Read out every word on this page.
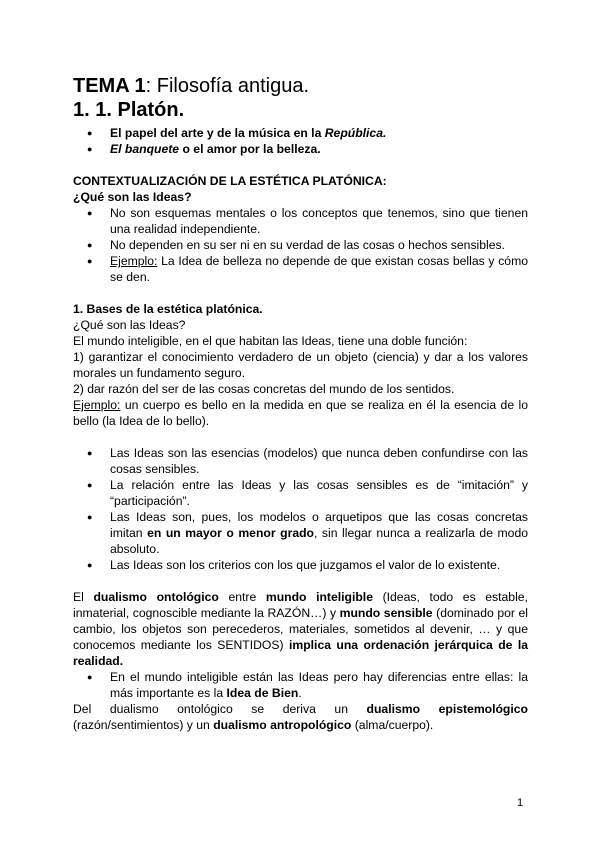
TEMA 1: Filosofía antigua.
1. 1. Platón.
● El papel del arte y de la música en la República.
● El banquete o el amor por la belleza.

CONTEXTUALIZACIÓN DE LA ESTÉTICA PLATÓNICA:

¿Qué son las Ideas?

● No son esquemas mentales o los conceptos que tenemos, sino que tienen una realidad independiente.
● No dependen en su ser ni en su verdad de las cosas o hechos sensibles.
● Ejemplo: La Idea de belleza no depende de que existan cosas bellas y cómo se den.

1. Bases de la estética platónica.

¿Qué son las Ideas?

El mundo inteligible, en el que habitan las Ideas, tiene una doble función:

1) garantizar el conocimiento verdadero de un objeto (ciencia) y dar a los valores morales un fundamento seguro.

2) dar razón del ser de las cosas concretas del mundo de los sentidos.

Ejemplo: un cuerpo es bello en la medida en que se realiza en él la esencia de lo bello (la Idea de lo bello).

● Las Ideas son las esencias (modelos) que nunca deben confundirse con las cosas sensibles.
● La relación entre las Ideas y las cosas sensibles es de “imitación” y “participación”.
● Las Ideas son, pues, los modelos o arquetipos que las cosas concretas imitan en un mayor o menor grado, sin llegar nunca a realizarla de modo absoluto.
● Las Ideas son los criterios con los que juzgamos el valor de lo existente.

El dualismo ontológico entre mundo inteligible (Ideas, todo es estable, inmaterial, cognoscible mediante la RAZÓN…) y mundo sensible (dominado por el cambio, los objetos son perecederos, materiales, sometidos al devenir, … y que conocemos mediante los SENTIDOS) implica una ordenación jerárquica de la realidad.

● En el mundo inteligible están las Ideas pero hay diferencias entre ellas: la más importante es la Idea de Bien.

Del dualismo ontológico se deriva un dualismo epistemológico (razón/sentimientos) y un dualismo antropológico (alma/cuerpo).

1
